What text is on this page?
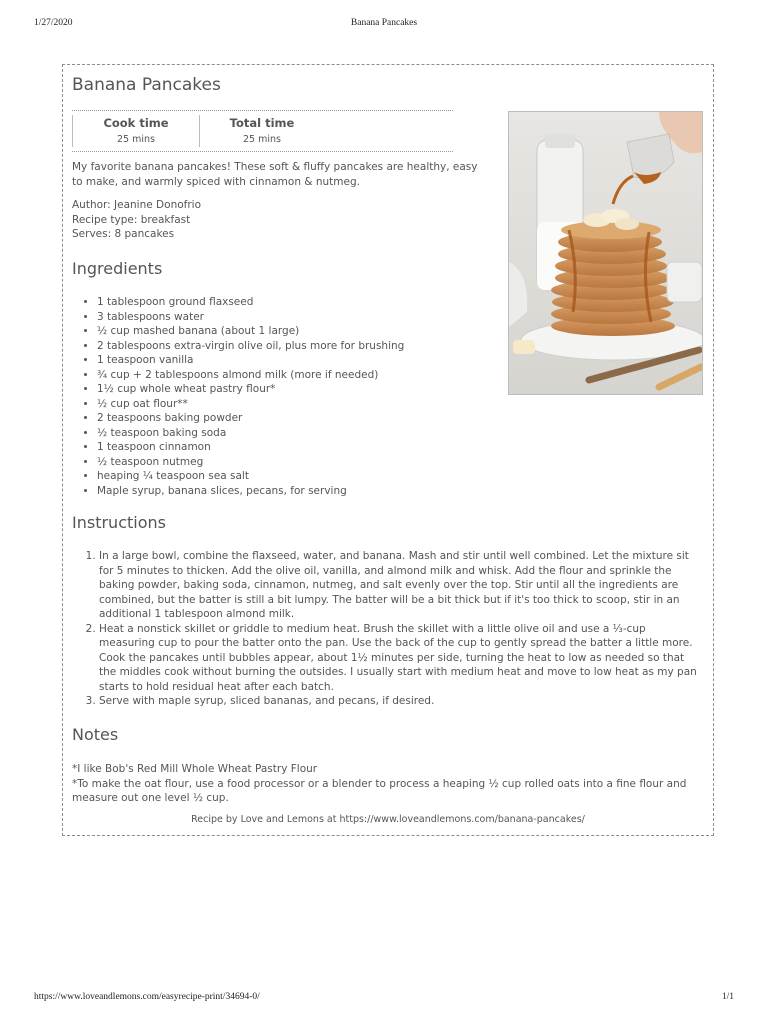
1/27/2020	Banana Pancakes
Banana Pancakes
Cook time
25 mins
Total time
25 mins

My favorite banana pancakes! These soft & fluffy pancakes are healthy, easy to make, and warmly spiced with cinnamon & nutmeg.

Author: Jeanine Donofrio
Recipe type: breakfast
Serves: 8 pancakes
Ingredients
• 1 tablespoon ground flaxseed
• 3 tablespoons water
• ½ cup mashed banana (about 1 large)
• 2 tablespoons extra-virgin olive oil, plus more for brushing
• 1 teaspoon vanilla
• ¾ cup + 2 tablespoons almond milk (more if needed)
• 1½ cup whole wheat pastry flour*
• ½ cup oat flour**
• 2 teaspoons baking powder
• ½ teaspoon baking soda
• 1 teaspoon cinnamon
• ½ teaspoon nutmeg
• heaping ¼ teaspoon sea salt
• Maple syrup, banana slices, pecans, for serving
Instructions
1. In a large bowl, combine the flaxseed, water, and banana. Mash and stir until well combined. Let the mixture sit for 5 minutes to thicken. Add the olive oil, vanilla, and almond milk and whisk. Add the flour and sprinkle the baking powder, baking soda, cinnamon, nutmeg, and salt evenly over the top. Stir until all the ingredients are combined, but the batter is still a bit lumpy. The batter will be a bit thick but if it's too thick to scoop, stir in an additional 1 tablespoon almond milk.
2. Heat a nonstick skillet or griddle to medium heat. Brush the skillet with a little olive oil and use a ⅓-cup measuring cup to pour the batter onto the pan. Use the back of the cup to gently spread the batter a little more. Cook the pancakes until bubbles appear, about 1½ minutes per side, turning the heat to low as needed so that the middles cook without burning the outsides. I usually start with medium heat and move to low heat as my pan starts to hold residual heat after each batch.
3. Serve with maple syrup, sliced bananas, and pecans, if desired.
Notes
*I like Bob's Red Mill Whole Wheat Pastry Flour
*To make the oat flour, use a food processor or a blender to process a heaping ½ cup rolled oats into a fine flour and measure out one level ½ cup.
Recipe by Love and Lemons at https://www.loveandlemons.com/banana-pancakes/
https://www.loveandlemons.com/easyrecipe-print/34694-0/	1/1
